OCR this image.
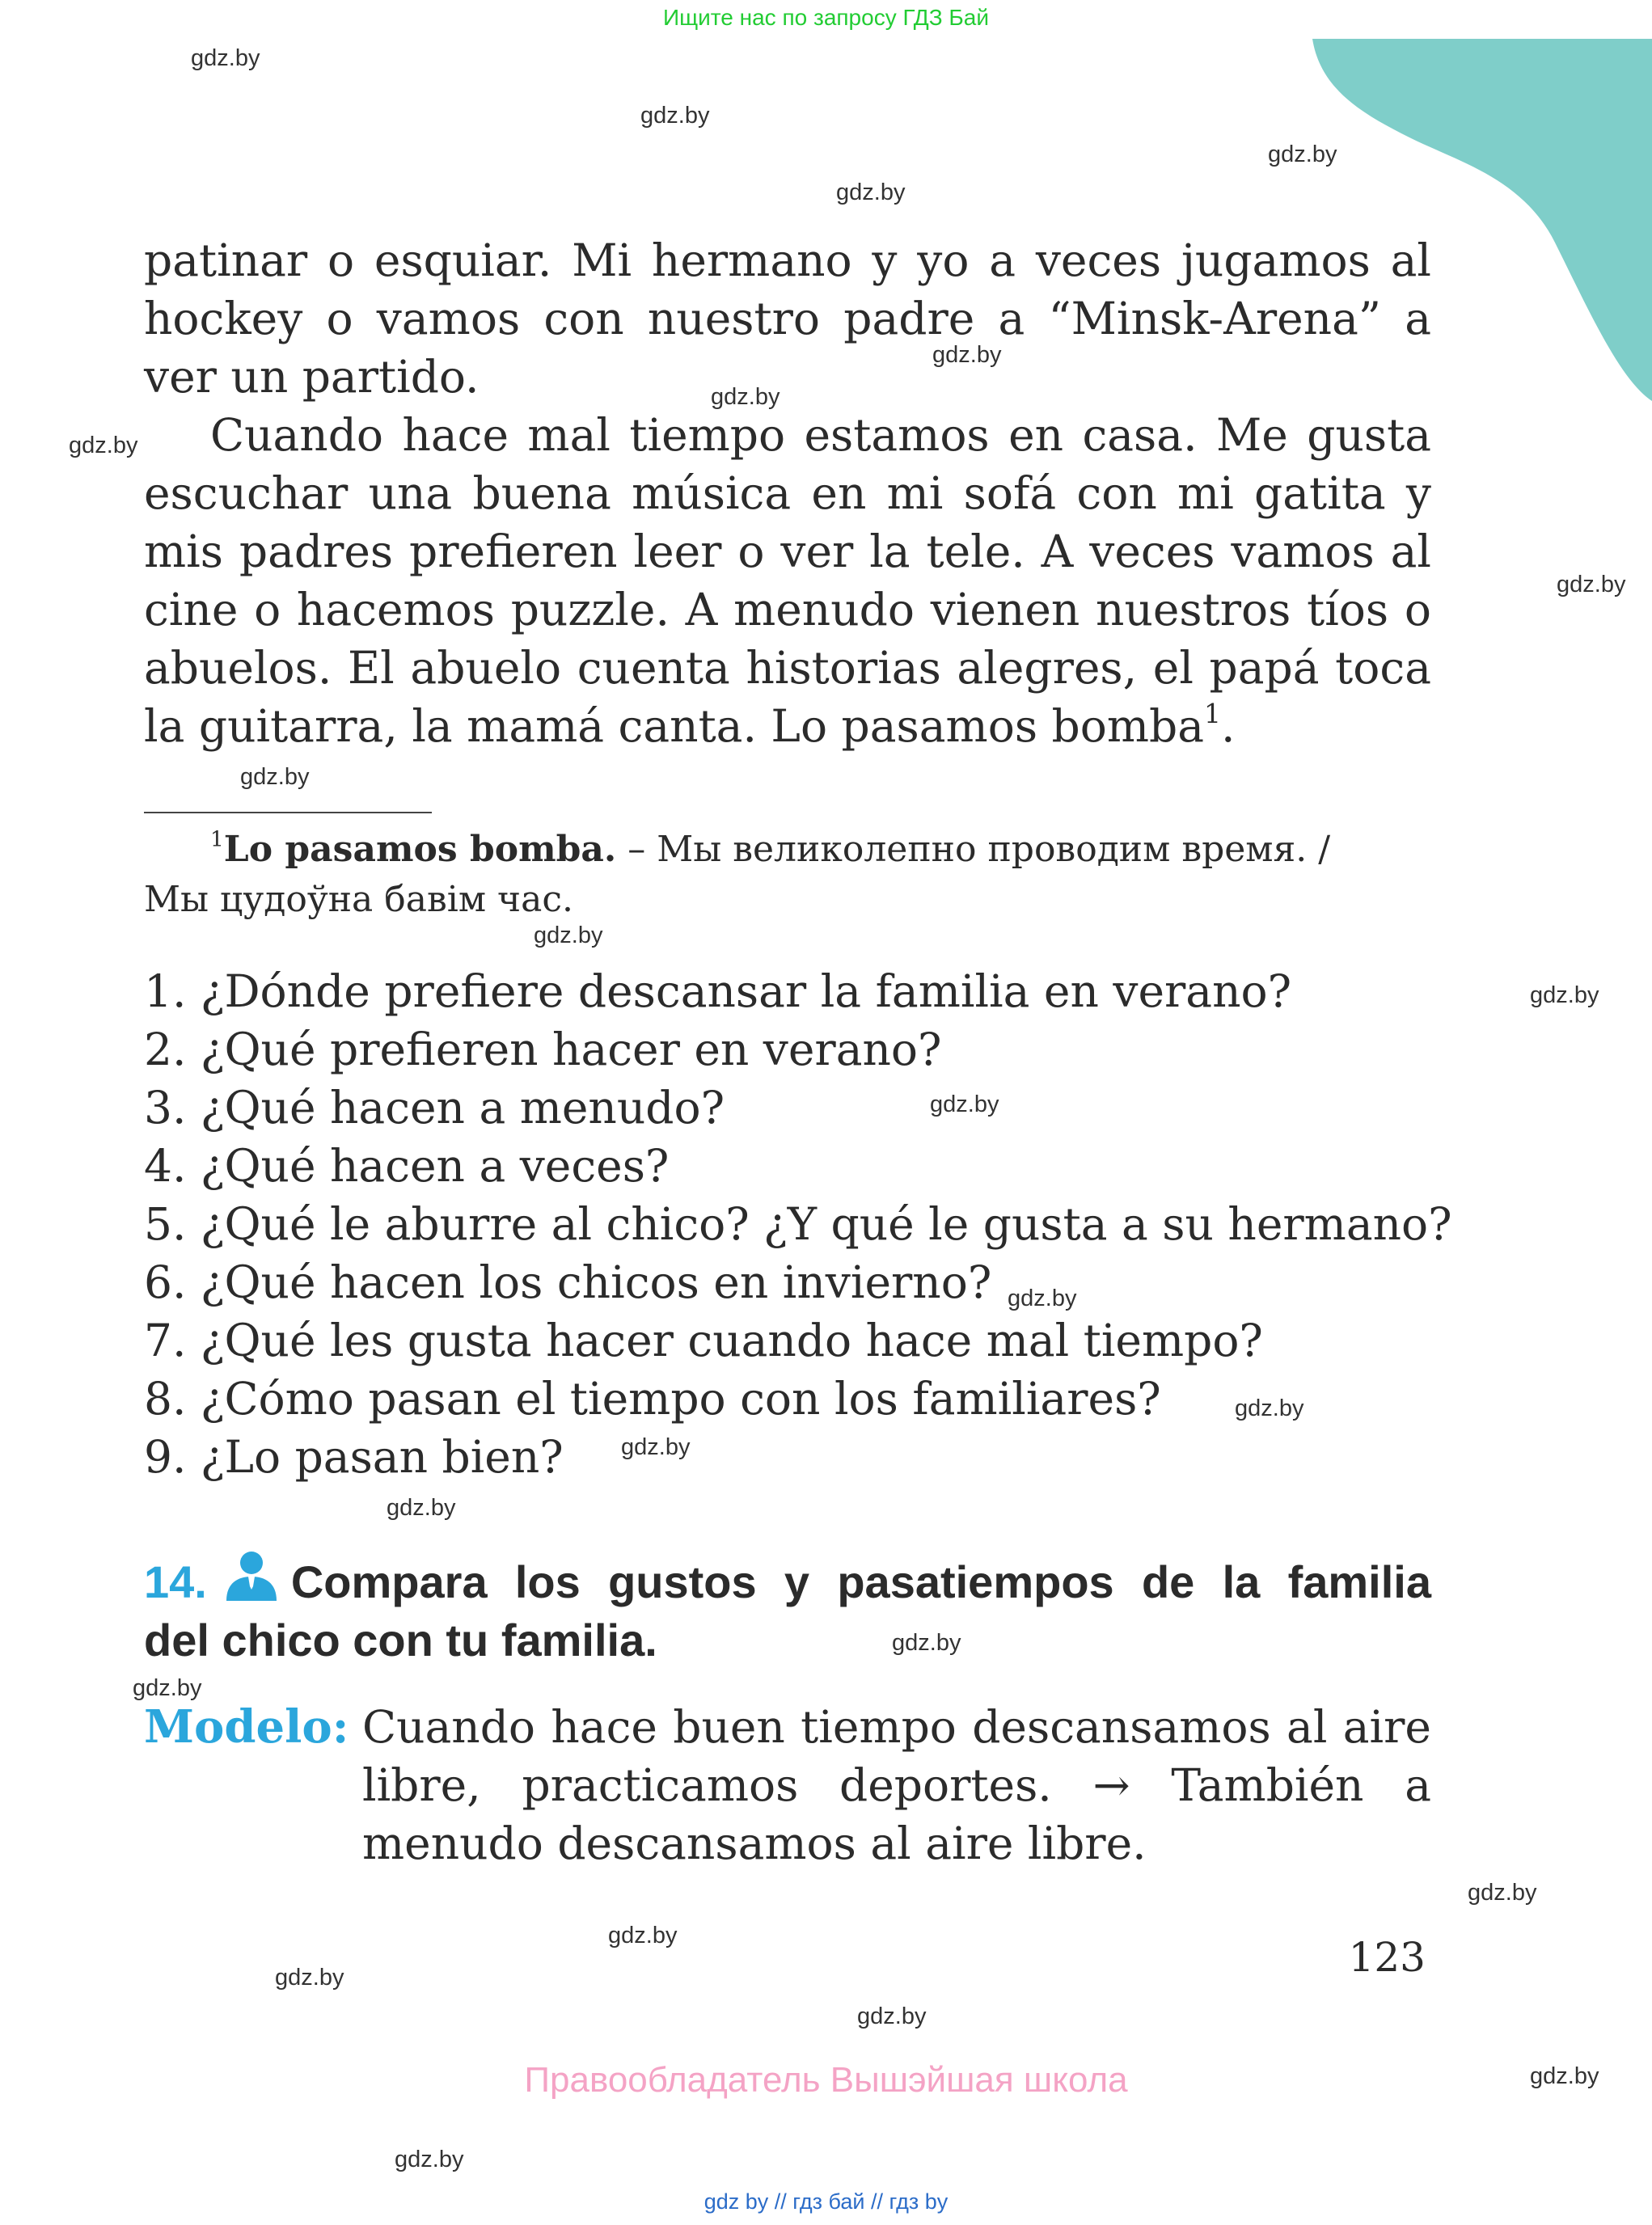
Ищите нас по запросу ГДЗ Бай
gdz.by
gdz.by
gdz.by
gdz.by
gdz.by
gdz.by
gdz.by
gdz.by
gdz.by
gdz.by
gdz.by
gdz.by
gdz.by
gdz.by
gdz.by
gdz.by
gdz.by
gdz.by
gdz.by
gdz.by
gdz.by
gdz.by
gdz.by
gdz.by
patinar o esquiar. Mi hermano y yo a veces jugamos al
hockey o vamos con nuestro padre a “Minsk-Arena” a
ver un partido.
Cuando hace mal tiempo estamos en casa. Me gusta
escuchar una buena música en mi sofá con mi gatita y
mis padres prefieren leer o ver la tele. A veces vamos al
cine o hacemos puzzle. A menudo vienen nuestros tíos o
abuelos. El abuelo cuenta historias alegres, el papá toca
la guitarra, la mamá canta. Lo pasamos bomba$^1$.
$^1$Lo pasamos bomba. – Мы великолепно проводим время. /
Мы цудоўна бавім час.
1. ¿Dónde prefiere descansar la familia en verano?
2. ¿Qué prefieren hacer en verano?
3. ¿Qué hacen a menudo?
4. ¿Qué hacen a veces?
5. ¿Qué le aburre al chico? ¿Y qué le gusta a su hermano?
6. ¿Qué hacen los chicos en invierno?
7. ¿Qué les gusta hacer cuando hace mal tiempo?
8. ¿Cómo pasan el tiempo con los familiares?
9. ¿Lo pasan bien?
14. Compara los gustos y pasatiempos de la familia
del chico con tu familia.
Modelo: Cuando hace buen tiempo descansamos al aire
libre, practicamos deportes. → También a
menudo descansamos al aire libre.
123
Правообладатель Вышэйшая школа
gdz by // гдз бай // гдз by
